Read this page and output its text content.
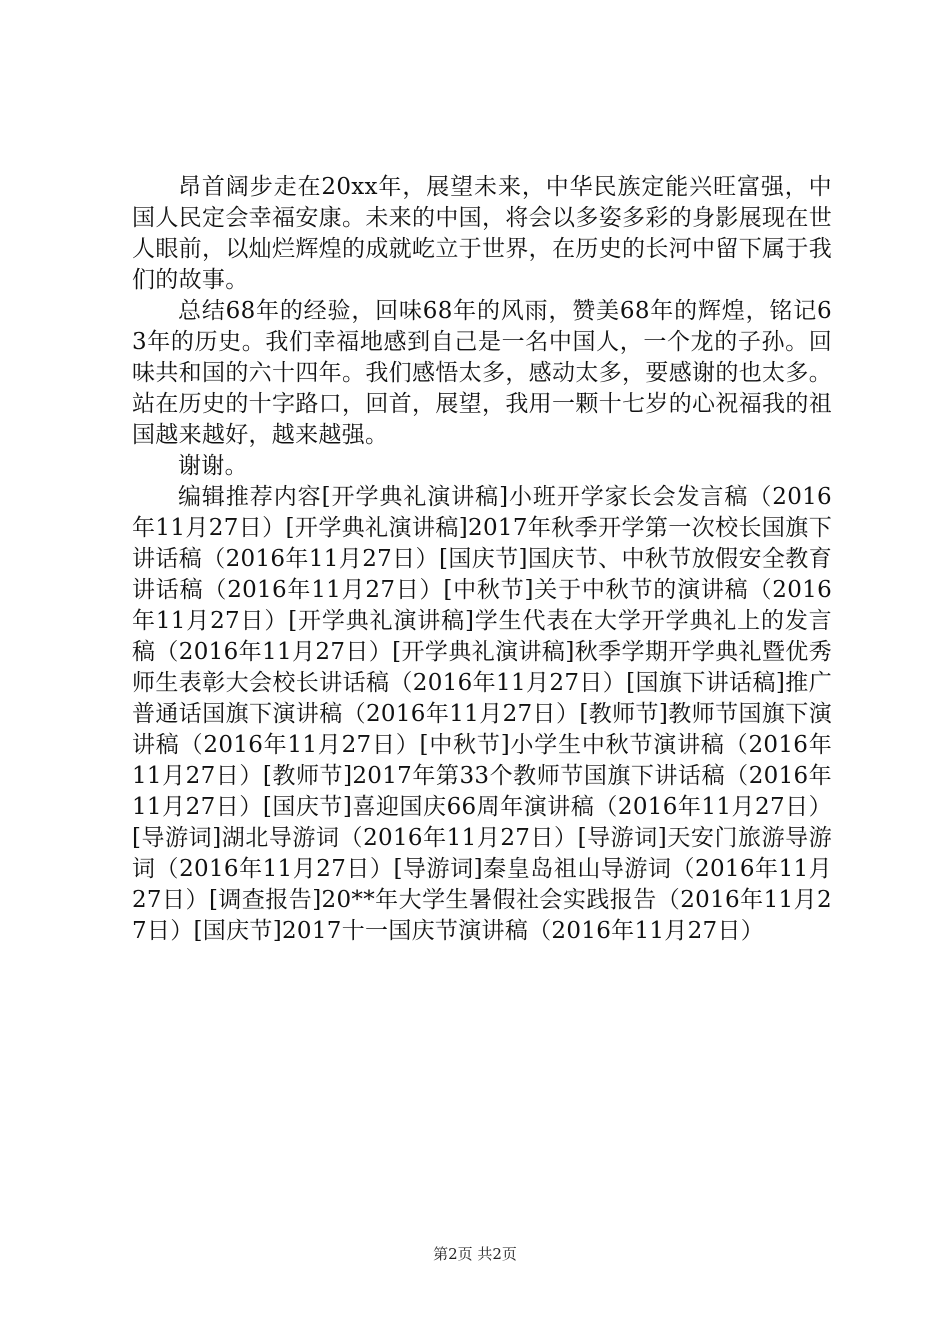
昂首阔步走在20xx年，展望未来，中华民族定能兴旺富强，中国人民定会幸福安康。未来的中国，将会以多姿多彩的身影展现在世人眼前，以灿烂辉煌的成就屹立于世界，在历史的长河中留下属于我们的故事。

总结68年的经验，回味68年的风雨，赞美68年的辉煌，铭记63年的历史。我们幸福地感到自己是一名中国人，一个龙的子孙。回味共和国的六十四年。我们感悟太多，感动太多，要感谢的也太多。站在历史的十字路口，回首，展望，我用一颗十七岁的心祝福我的祖国越来越好，越来越强。

谢谢。

编辑推荐内容[开学典礼演讲稿]小班开学家长会发言稿（2016年11月27日）[开学典礼演讲稿]2017年秋季开学第一次校长国旗下讲话稿（2016年11月27日）[国庆节]国庆节、中秋节放假安全教育讲话稿（2016年11月27日）[中秋节]关于中秋节的演讲稿（2016年11月27日）[开学典礼演讲稿]学生代表在大学开学典礼上的发言稿（2016年11月27日）[开学典礼演讲稿]秋季学期开学典礼暨优秀师生表彰大会校长讲话稿（2016年11月27日）[国旗下讲话稿]推广普通话国旗下演讲稿（2016年11月27日）[教师节]教师节国旗下演讲稿（2016年11月27日）[中秋节]小学生中秋节演讲稿（2016年11月27日）[教师节]2017年第33个教师节国旗下讲话稿（2016年11月27日）[国庆节]喜迎国庆66周年演讲稿（2016年11月27日）[导游词]湖北导游词（2016年11月27日）[导游词]天安门旅游导游词（2016年11月27日）[导游词]秦皇岛祖山导游词（2016年11月27日）[调查报告]20**年大学生暑假社会实践报告（2016年11月27日）[国庆节]2017十一国庆节演讲稿（2016年11月27日）

第2页 共2页
